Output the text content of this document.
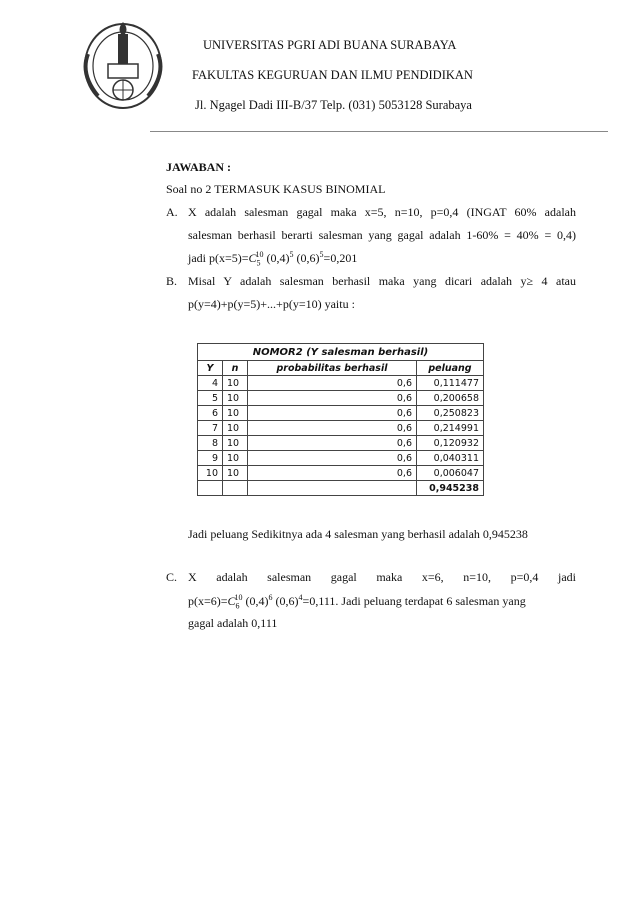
UNIVERSITAS PGRI ADI BUANA SURABAYA
FAKULTAS KEGURUAN DAN ILMU PENDIDIKAN
Jl. Ngagel Dadi III-B/37 Telp. (031) 5053128 Surabaya
JAWABAN :
Soal no 2 TERMASUK KASUS BINOMIAL
A. X adalah salesman gagal maka x=5, n=10, p=0,4 (INGAT 60% adalah
salesman berhasil berarti salesman yang gagal adalah 1-60% = 40% = 0,4)
jadi $p(x=5)=C_5^{10}$ $(0,4)^5$ $(0,6)^5=0,201$
B. Misal Y adalah salesman berhasil maka yang dicari adalah y≥ 4 atau
p(y=4)+p(y=5)+...+p(y=10) yaitu :
NOMOR2 (Y salesman berhasil)			
Y	n	probabilitas berhasil	peluang
4	10	0,6	0,111477
5	10	0,6	0,200658
6	10	0,6	0,250823
7	10	0,6	0,214991
8	10	0,6	0,120932
9	10	0,6	0,040311
10	10	0,6	0,006047
			0,945238
Jadi peluang Sedikitnya ada 4 salesman yang berhasil adalah 0,945238
C. X adalah salesman gagal maka x=6, n=10, p=0,4 jadi
$p(x=6)=C_6^{10}$ $(0,4)^6$ $(0,6)^4=0,111$. Jadi peluang terdapat 6 salesman yang
gagal adalah 0,111
